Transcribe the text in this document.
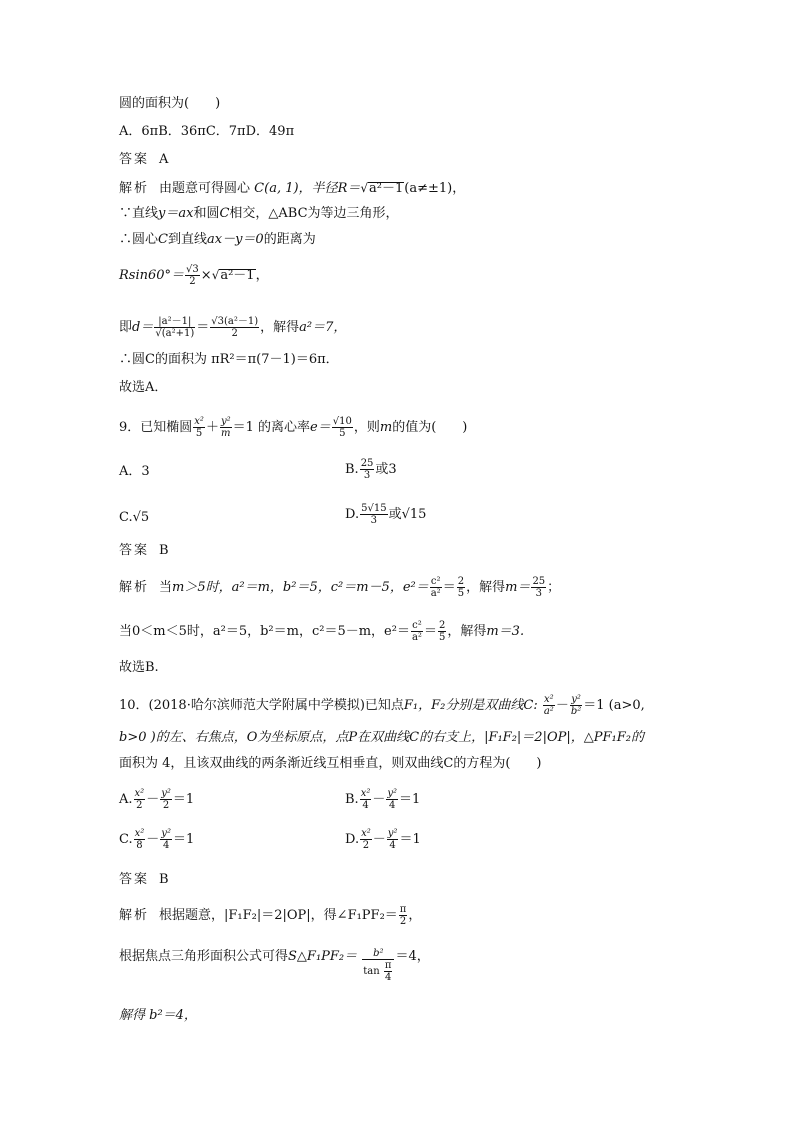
圆的面积为(　　)
A．6πB．36πC．7πD．49π
答案 A
解析 由题意可得圆心 C(a, 1)，半径R＝√a²－1(a≠±1)，
∵直线y＝ax和圆C相交，△ABC为等边三角形，
∴圆心C到直线ax－y＝0的距离为
$Rsin60^\circ= \frac{√3}{2} \times√a^2-1$，
即$d= \frac{\text{|a²－1|}}{\text{√(a²+1)}} = \frac{\text{√3(a²－1)}}{2}$ ，解得a²＝7，
∴圆C的面积为 πR²＝π(7－1)＝6π．
故选A．
9．已知椭圆 $\frac{\text{x²}}{5} + \frac{\text{y²}}{m} =1$ 的离心率$e= \frac{√10}{5}$ ，则m的值为(　　)
A．3	B. $\frac{25}{3}$ 或3
C.√5	D. $\frac{5√15}{3}$ 或√15
答案 B
解析 当m＞5时，a²＝m，b²＝5，c²＝m－5，$e^2= \frac{\text{c²}}{\text{a²}} = \frac{2}{5}$ ，解得$m= \frac{25}{3}$ ；
当0＜m＜5时，a²＝5，b²＝m，c²＝5－m，$e^2= \frac{\text{c²}}{\text{a²}} = \frac{2}{5}$ ，解得m＝3.
故选B.
10．(2018·哈尔滨师范大学附属中学模拟)已知点F₁，F₂分别是双曲线C: $\frac{\text{x²}}{\text{a²}} - \frac{\text{y²}}{\text{b²}} =1$ (a>0,
b>0 )的左、右焦点，O为坐标原点，点P在双曲线C的右支上，|F₁F₂|＝2|OP|，△PF₁F₂的
面积为 4，且该双曲线的两条渐近线互相垂直，则双曲线C的方程为(　　)
A. $\frac{\text{x²}}{2} - \frac{\text{y²}}{2} =1$	B. $\frac{\text{x²}}{4} - \frac{\text{y²}}{4} =1$
C. $\frac{\text{x²}}{8} - \frac{\text{y²}}{4} =1$	D. $\frac{\text{x²}}{2} - \frac{\text{y²}}{4} =1$
答案 B
解析 根据题意，|F₁F₂|＝2|OP|，得∠F₁PF₂＝ $\frac{\pi}{2}$ ，
根据焦点三角形面积公式可得S△F₁PF₂＝ $\frac{\text{b²}}{\tan \frac{\pi}{4}} =4$，
解得 b²＝4，
